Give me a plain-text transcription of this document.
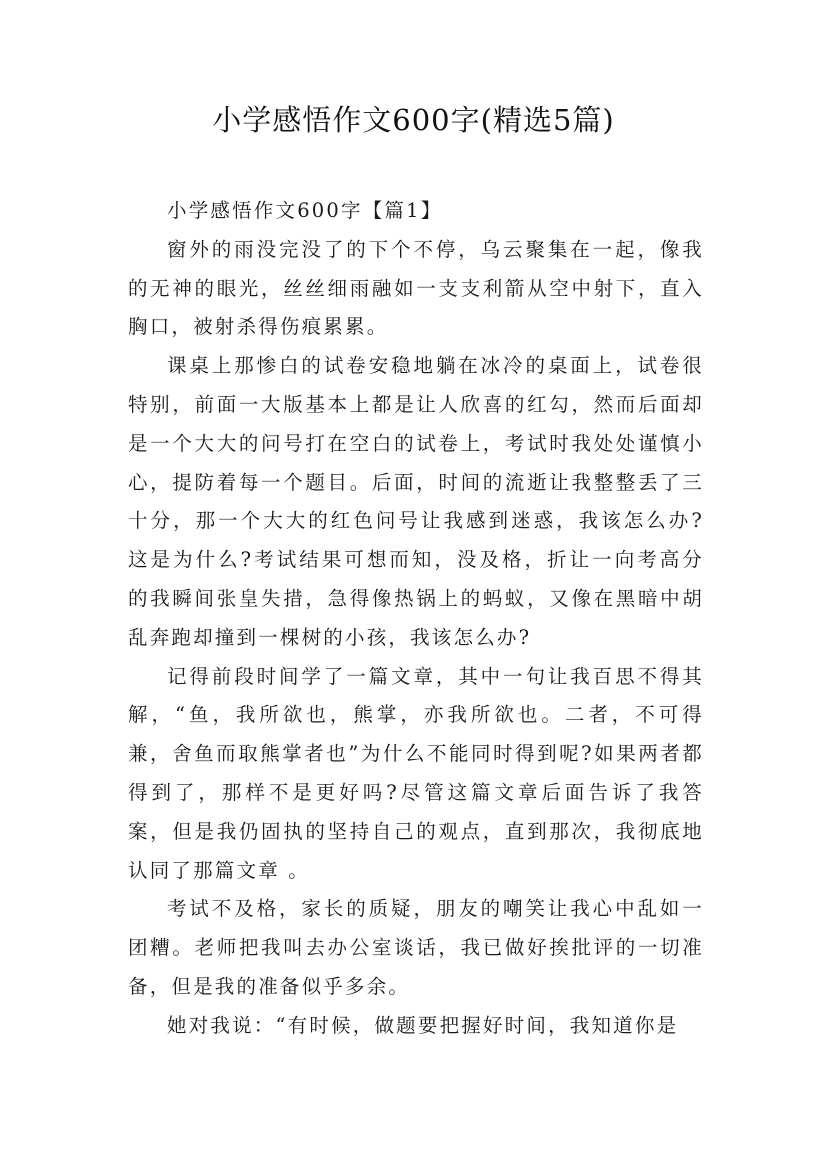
小学感悟作文600字(精选5篇)

小学感悟作文600字【篇1】

窗外的雨没完没了的下个不停，乌云聚集在一起，像我的无神的眼光，丝丝细雨融如一支支利箭从空中射下，直入胸口，被射杀得伤痕累累。

课桌上那惨白的试卷安稳地躺在冰冷的桌面上，试卷很特别，前面一大版基本上都是让人欣喜的红勾，然而后面却是一个大大的问号打在空白的试卷上，考试时我处处谨慎小心，提防着每一个题目。后面，时间的流逝让我整整丢了三十分，那一个大大的红色问号让我感到迷惑，我该怎么办?这是为什么?考试结果可想而知，没及格，折让一向考高分的我瞬间张皇失措，急得像热锅上的蚂蚁，又像在黑暗中胡乱奔跑却撞到一棵树的小孩，我该怎么办?

记得前段时间学了一篇文章，其中一句让我百思不得其解，“鱼，我所欲也，熊掌，亦我所欲也。二者，不可得兼，舍鱼而取熊掌者也”为什么不能同时得到呢?如果两者都得到了，那样不是更好吗?尽管这篇文章后面告诉了我答案，但是我仍固执的坚持自己的观点，直到那次，我彻底地认同了那篇文章 。

考试不及格，家长的质疑，朋友的嘲笑让我心中乱如一团糟。老师把我叫去办公室谈话，我已做好挨批评的一切准备，但是我的准备似乎多余。

她对我说：“有时候，做题要把握好时间，我知道你是
